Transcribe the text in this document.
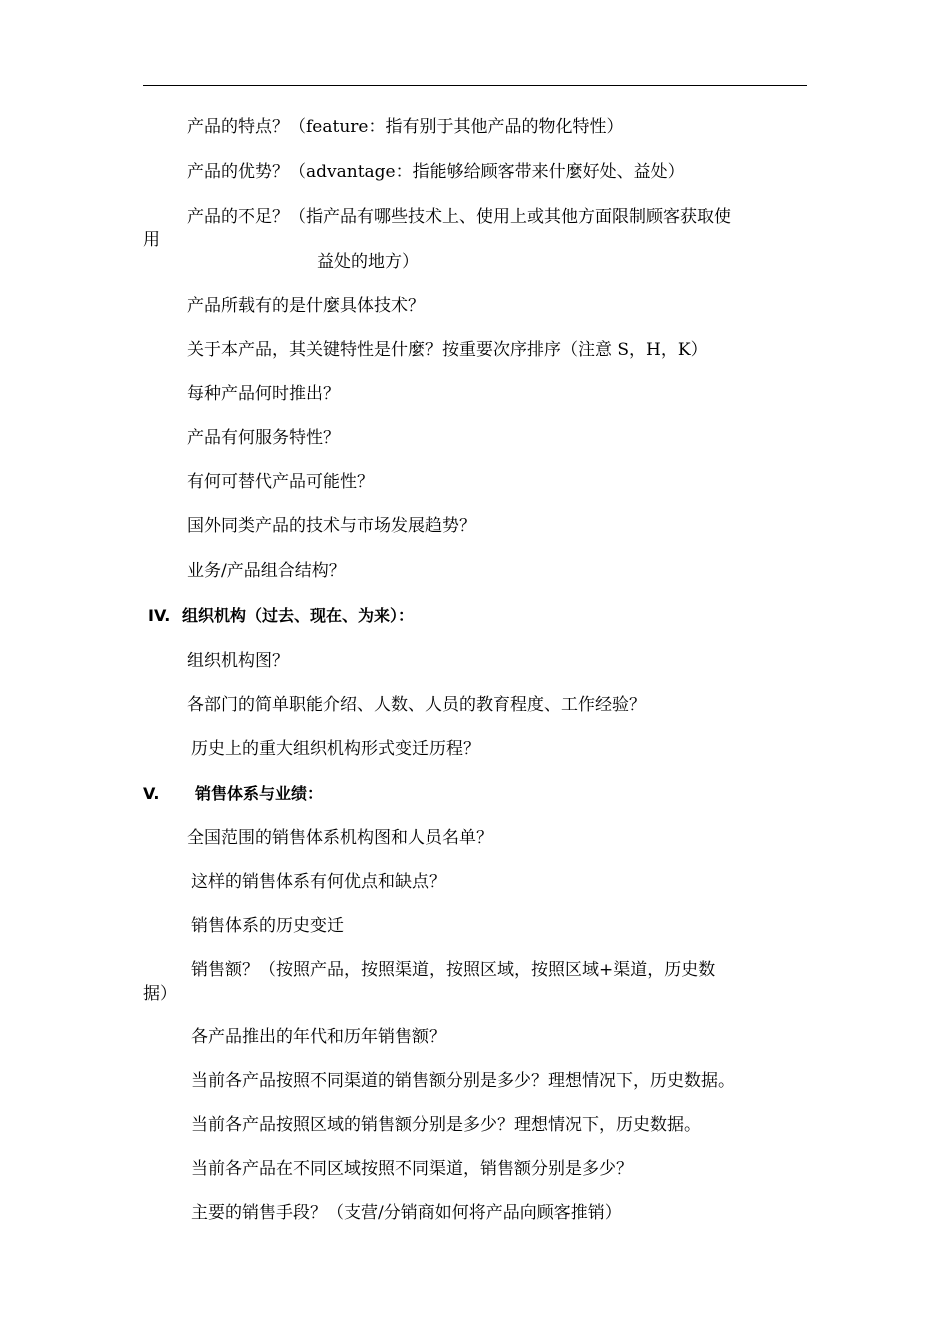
产品的特点？（feature：指有别于其他产品的物化特性）
产品的优势？（advantage：指能够给顾客带来什麼好处、益处）
产品的不足？（指产品有哪些技术上、使用上或其他方面限制顾客获取使
用
益处的地方）
产品所载有的是什麼具体技术？
关于本产品，其关键特性是什麼？按重要次序排序（注意 S，H，K）
每种产品何时推出？
产品有何服务特性？
有何可替代产品可能性？
国外同类产品的技术与市场发展趋势？
业务/产品组合结构？
IV. 组织机构（过去、现在、为来）：
组织机构图？
各部门的简单职能介绍、人数、人员的教育程度、工作经验？
历史上的重大组织机构形式变迁历程？
V. 销售体系与业绩：
全国范围的销售体系机构图和人员名单？
这样的销售体系有何优点和缺点？
销售体系的历史变迁
销售额？（按照产品，按照渠道，按照区域，按照区域+渠道，历史数
据）
各产品推出的年代和历年销售额？
当前各产品按照不同渠道的销售额分别是多少？理想情况下，历史数据。
当前各产品按照区域的销售额分别是多少？理想情况下，历史数据。
当前各产品在不同区域按照不同渠道，销售额分别是多少？
主要的销售手段？（支营/分销商如何将产品向顾客推销）
